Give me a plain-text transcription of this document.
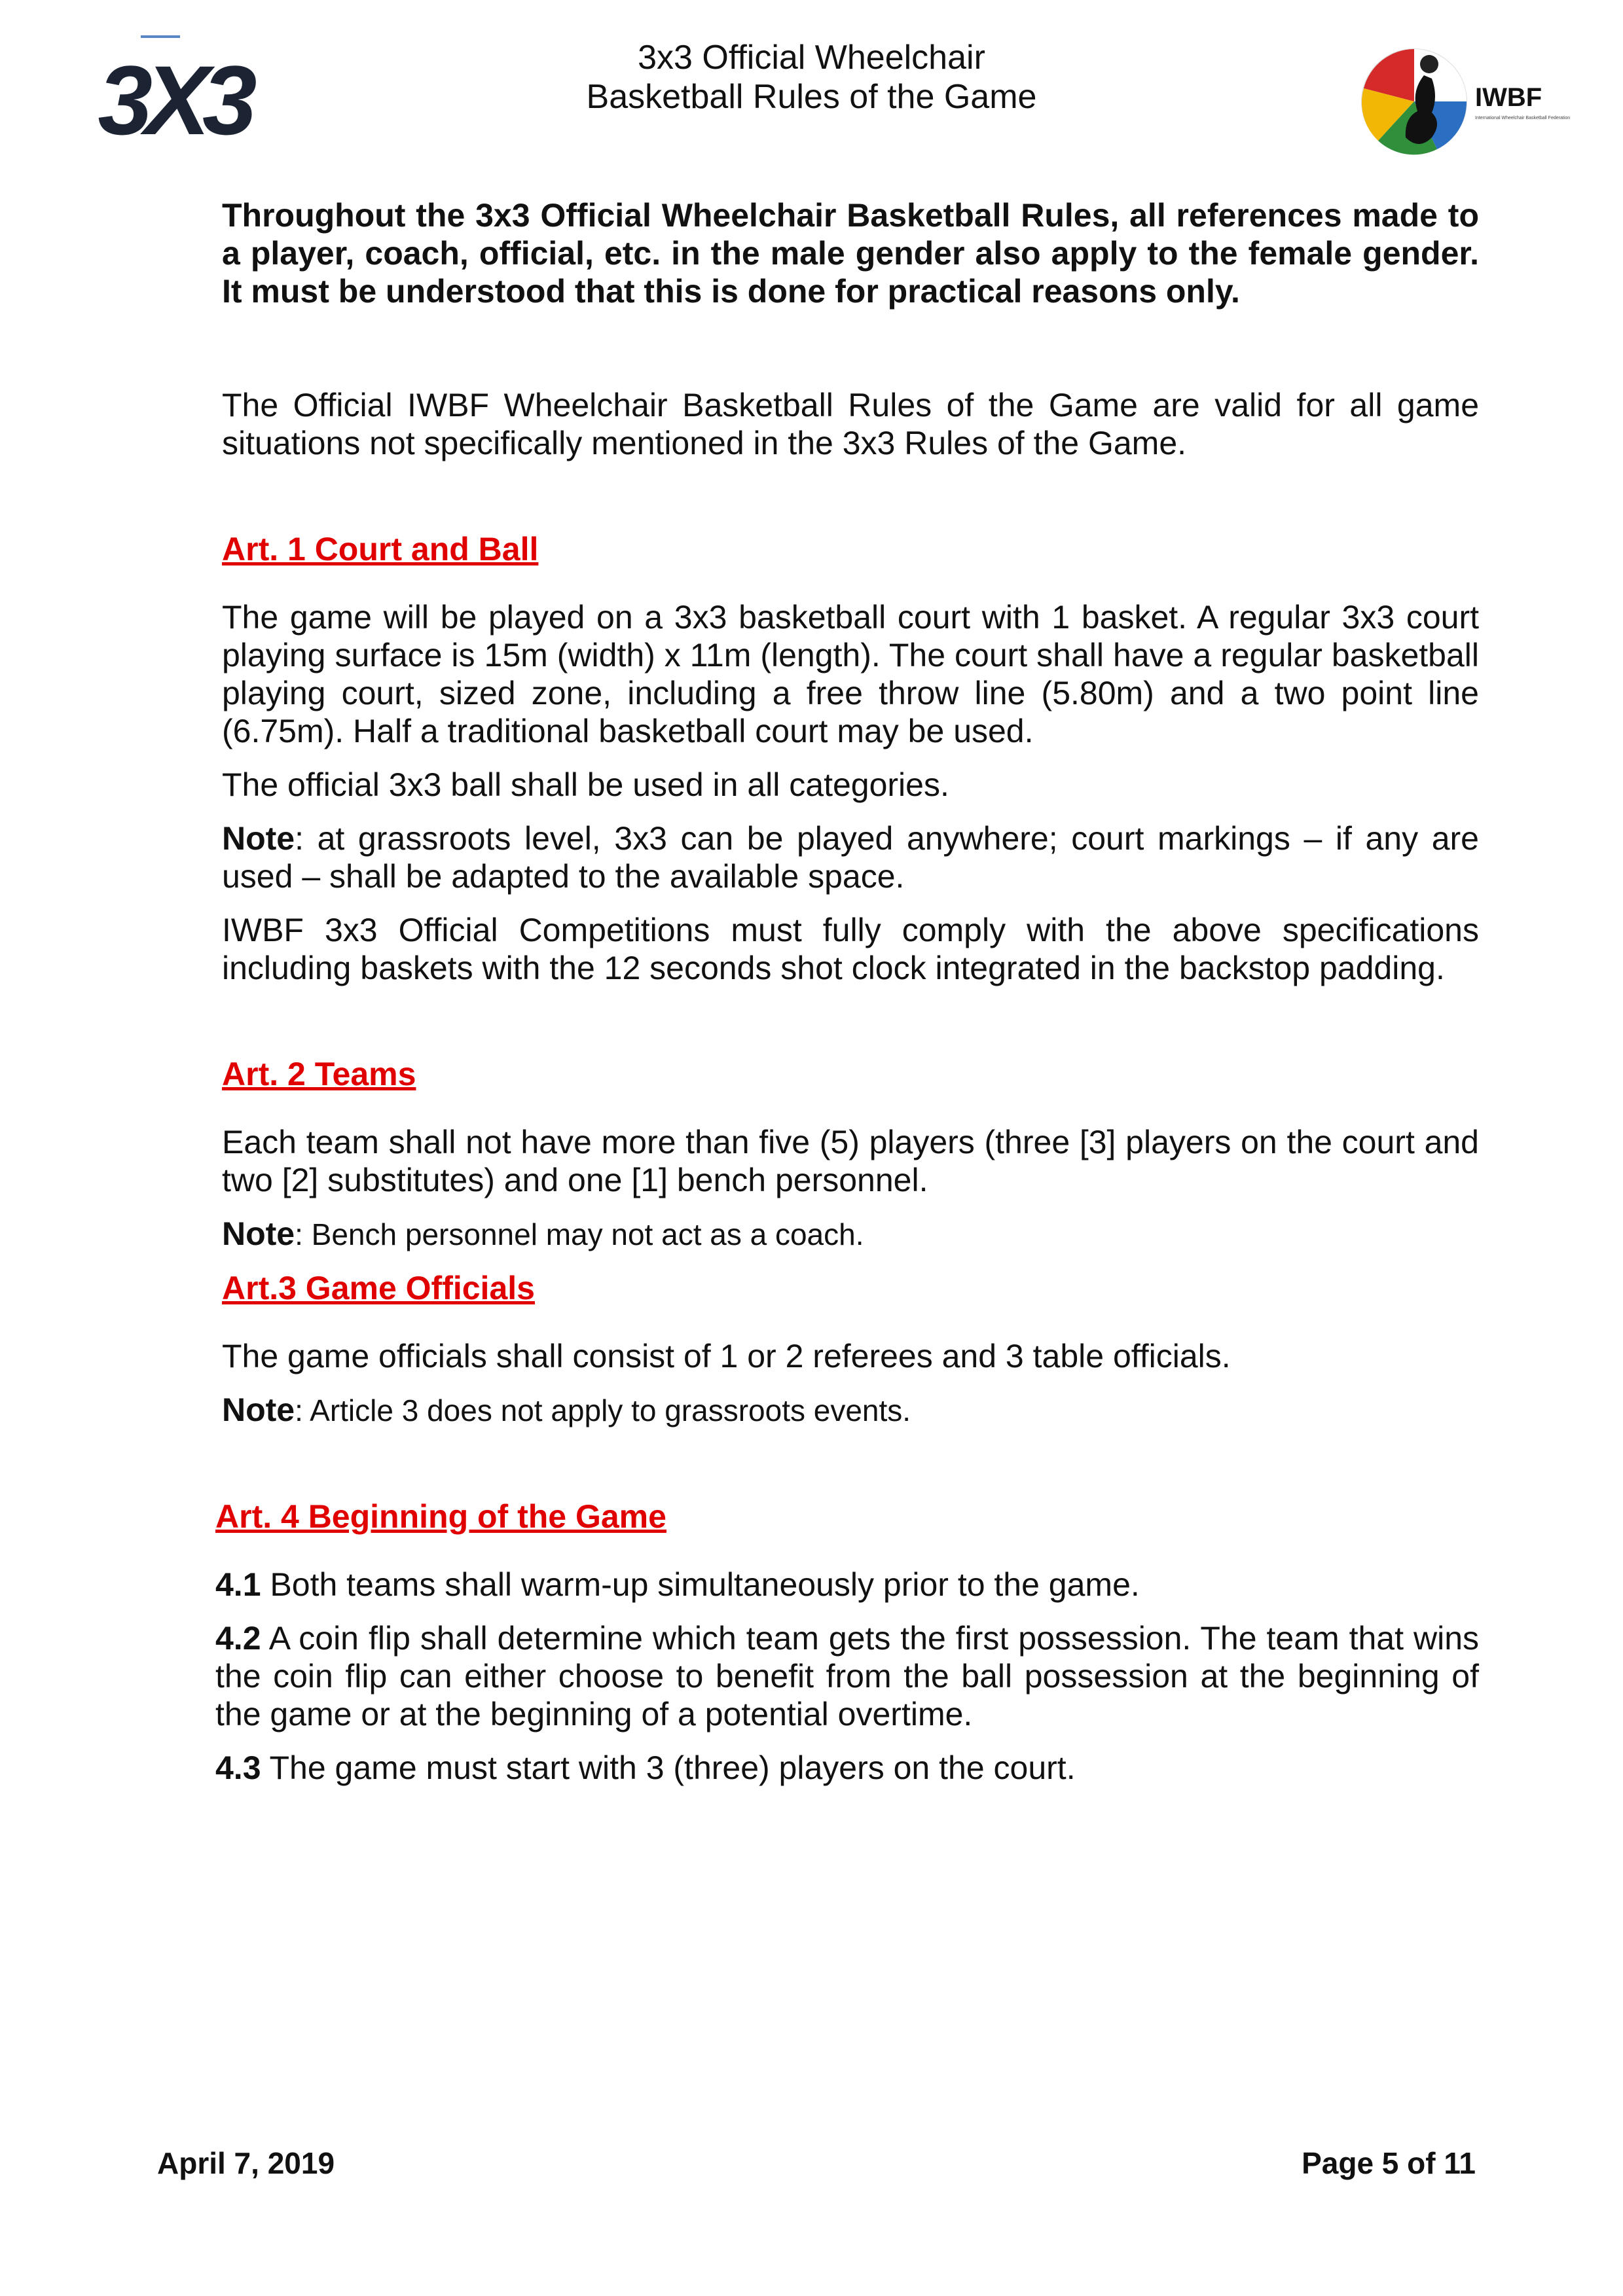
3X3	3x3 Official Wheelchair
Basketball Rules of the Game	IWBF
International Wheelchair Basketball Federation

Throughout the 3x3 Official Wheelchair Basketball Rules, all references made to a player, coach, official, etc. in the male gender also apply to the female gender. It must be understood that this is done for practical reasons only.

The Official IWBF Wheelchair Basketball Rules of the Game are valid for all game situations not specifically mentioned in the 3x3 Rules of the Game.

Art. 1 Court and Ball

The game will be played on a 3x3 basketball court with 1 basket. A regular 3x3 court playing surface is 15m (width) x 11m (length). The court shall have a regular basketball playing court, sized zone, including a free throw line (5.80m) and a two point line (6.75m). Half a traditional basketball court may be used.

The official 3x3 ball shall be used in all categories.

Note: at grassroots level, 3x3 can be played anywhere; court markings – if any are used – shall be adapted to the available space.

IWBF 3x3 Official Competitions must fully comply with the above specifications including baskets with the 12 seconds shot clock integrated in the backstop padding.

Art. 2 Teams

Each team shall not have more than five (5) players (three [3] players on the court and two [2] substitutes) and one [1] bench personnel.

Note: Bench personnel may not act as a coach.

Art.3 Game Officials

The game officials shall consist of 1 or 2 referees and 3 table officials.

Note: Article 3 does not apply to grassroots events.

Art. 4 Beginning of the Game

4.1 Both teams shall warm-up simultaneously prior to the game.

4.2 A coin flip shall determine which team gets the first possession. The team that wins the coin flip can either choose to benefit from the ball possession at the beginning of the game or at the beginning of a potential overtime.

4.3 The game must start with 3 (three) players on the court.

April 7, 2019	Page 5 of 11
